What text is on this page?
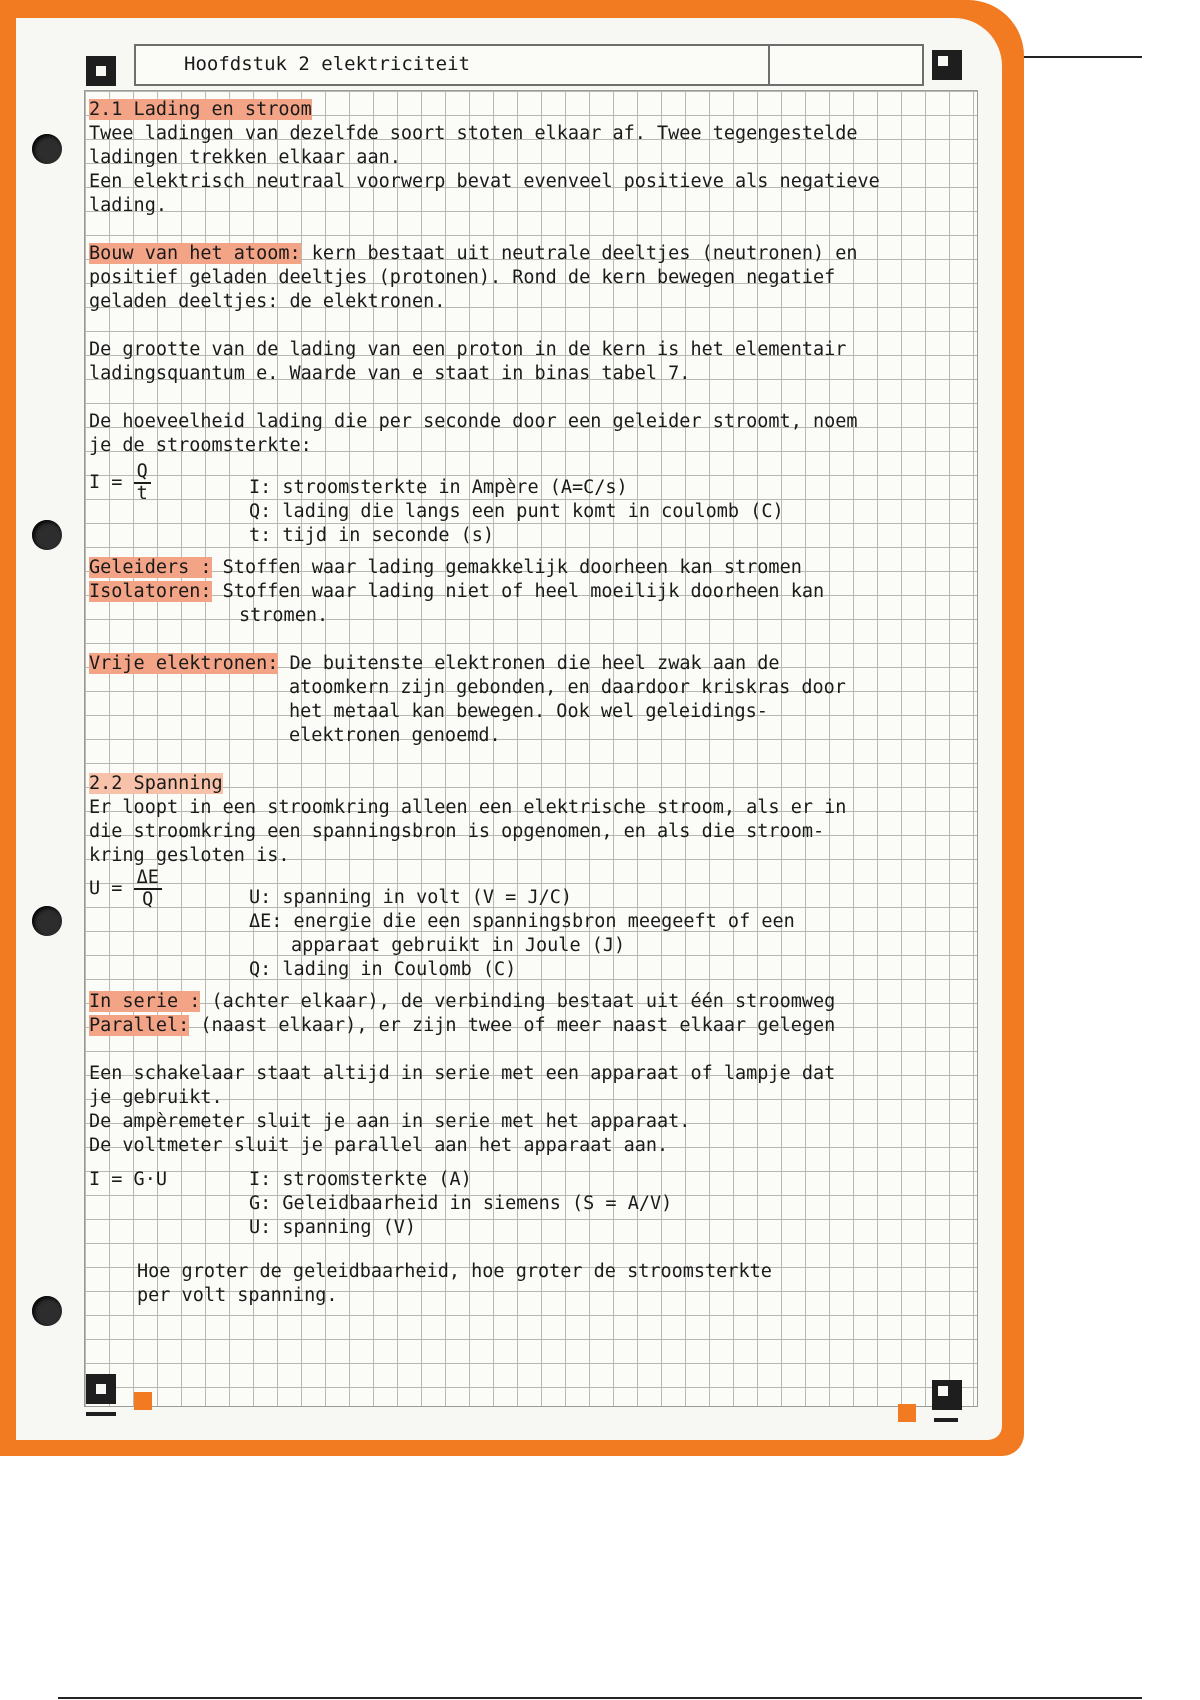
Hoofdstuk 2 elektriciteit
2.1 Lading en stroom
Twee ladingen van dezelfde soort stoten elkaar af. Twee tegengestelde
ladingen trekken elkaar aan.
Een elektrisch neutraal voorwerp bevat evenveel positieve als negatieve
lading.
Bouw van het atoom: kern bestaat uit neutrale deeltjes (neutronen) en
positief geladen deeltjes (protonen). Rond de kern bewegen negatief
geladen deeltjes: de elektronen.
De grootte van de lading van een proton in de kern is het elementair
ladingsquantum e. Waarde van e staat in binas tabel 7.
De hoeveelheid lading die per seconde door een geleider stroomt, noem
je de stroomsterkte:
$I = \frac{Q}{t}$	I: stroomsterkte in Ampère (A=C/s)
Q: lading die langs een punt komt in coulomb (C)
t: tijd in seconde (s)
Geleiders : Stoffen waar lading gemakkelijk doorheen kan stromen
Isolatoren: Stoffen waar lading niet of heel moeilijk doorheen kan
stromen.
Vrije elektronen: De buitenste elektronen die heel zwak aan de
atoomkern zijn gebonden, en daardoor kriskras door
het metaal kan bewegen. Ook wel geleidings-
elektronen genoemd.
2.2 Spanning
Er loopt in een stroomkring alleen een elektrische stroom, als er in
die stroomkring een spanningsbron is opgenomen, en als die stroom-
kring gesloten is.
$U = \frac{\Delta E}{Q}$	U: spanning in volt (V = J/C)
ΔE: energie die een spanningsbron meegeeft of een
apparaat gebruikt in Joule (J)
Q: lading in Coulomb (C)
In serie : (achter elkaar), de verbinding bestaat uit één stroomweg
Parallel: (naast elkaar), er zijn twee of meer naast elkaar gelegen
Een schakelaar staat altijd in serie met een apparaat of lampje dat
je gebruikt.
De ampèremeter sluit je aan in serie met het apparaat.
De voltmeter sluit je parallel aan het apparaat aan.
I = G·U	I: stroomsterkte (A)
G: Geleidbaarheid in siemens (S = A/V)
U: spanning (V)
Hoe groter de geleidbaarheid, hoe groter de stroomsterkte
per volt spanning.
